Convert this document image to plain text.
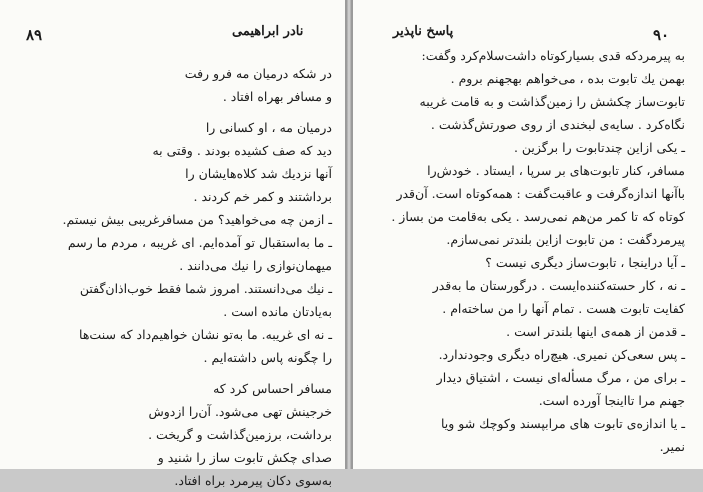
نادر ابراهیمی
۸۹
در شکه درمیان مه فرو رفت
و مسافر بهراه افتاد .
درمیان مه ، او کسانی را
دید که صف کشیده بودند . وقتی به
آنها نزدیك شد کلاه‌هایشان را
برداشتند و کمر خم کردند .
ـ ازمن چه می‌خواهید؟ من مسافرغریبی بیش نیستم.
ـ ما به‌استقبال تو آمده‌ایم. ای غریبه ، مردم ما رسم
میهمان‌نوازی را نیك می‌دانند .
ـ نیك می‌دانستند. امروز شما فقط خوب‌اذان‌گفتن
به‌یادتان مانده است .
ـ نه ای غریبه. ما به‌تو نشان خواهیم‌داد که سنت‌ها
را چگونه پاس داشته‌ایم .
مسافر احساس کرد که
خرجینش تهی می‌شود. آن‌را ازدوش
برداشت، برزمین‌گذاشت و گریخت .
صدای چکش تابوت ساز را شنید و
به‌سوی دکان پیرمرد براه افتاد.
۹۰
پاسخ ناپذیر
به پیرمردکه قدی بسیارکوتاه داشت‌سلام‌کرد وگفت:
بهمن یك تابوت بده ، می‌خواهم بهجهنم بروم .
تابوت‌ساز چکشش را زمین‌گذاشت و به قامت غریبه
نگاه‌کرد . سایه‌ی لبخندی از روی صورتش‌گذشت .
ـ یکی ازاین چندتابوت را برگزین .
مسافر، کنار تابوت‌های بر سرپا ، ایستاد . خودش‌را
باآنها اندازه‌گرفت و عاقبت‌گفت : همه‌کوتاه است. آن‌قدر
کوتاه که تا کمر من‌هم نمی‌رسد . یکی به‌قامت من بساز .
پیرمردگفت : من تابوت ازاین بلندتر نمی‌سازم.
ـ آیا دراینجا ، تابوت‌ساز دیگری نیست ؟
ـ نه ، کار حسته‌کننده‌ایست . درگورستان ما به‌قدر
کفایت تابوت هست . تمام آنها را من ساخته‌ام .
ـ قدمن از همه‌ی اینها بلندتر است .
ـ پس سعی‌کن نمیری. هیچ‌راه دیگری وجودندارد.
ـ برای من ، مرگ مسأله‌ای نیست ، اشتیاق دیدار
جهنم مرا تااینجا آورده است.
ـ یا اندازه‌ی تابوت های مرابپسند وکوچك شو ویا
نمیر.
